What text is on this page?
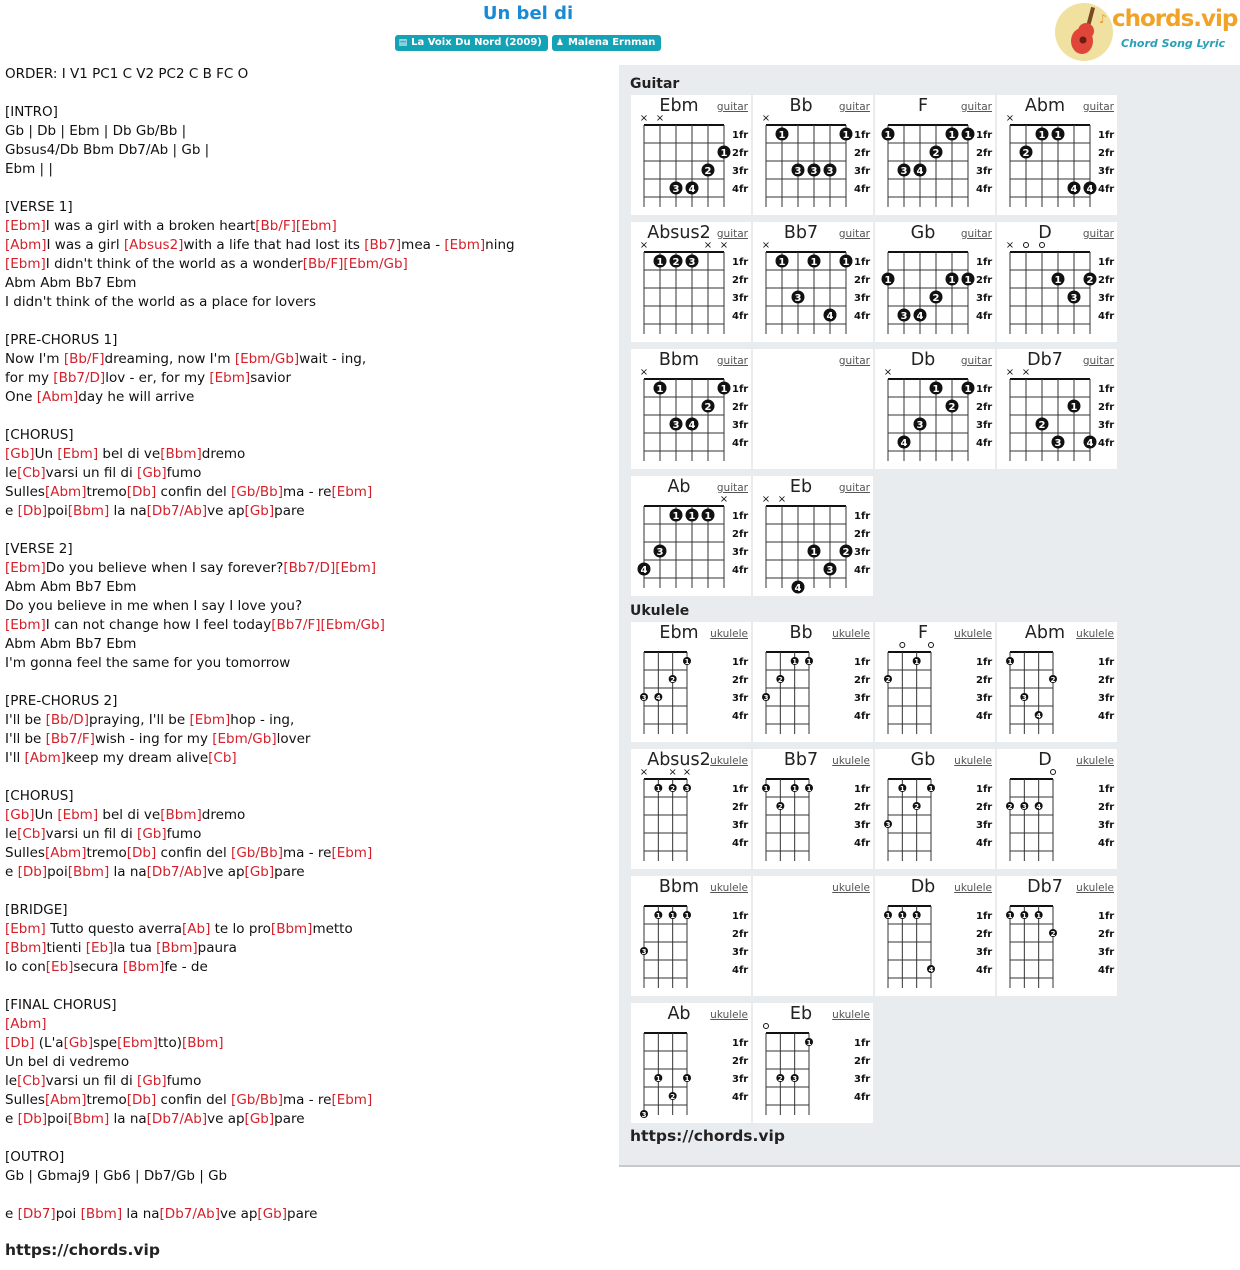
Un bel di
▤ La Voix Du Nord (2009) ♟ Malena Ernman
♪ chords.vip
Chord Song Lyric
ORDER: I V1 PC1 C V2 PC2 C B FC O

[INTRO]
Gb | Db | Ebm | Db Gb/Bb |
Gbsus4/Db Bbm Db7/Ab | Gb |
Ebm | |

[VERSE 1]
[Ebm]I was a girl with a broken heart[Bb/F][Ebm]
[Abm]I was a girl [Absus2]with a life that had lost its [Bb7]mea - [Ebm]ning
[Ebm]I didn't think of the world as a wonder[Bb/F][Ebm/Gb]
Abm Abm Bb7 Ebm
I didn't think of the world as a place for lovers

[PRE-CHORUS 1]
Now I'm [Bb/F]dreaming, now I'm [Ebm/Gb]wait - ing,
for my [Bb7/D]lov - er, for my [Ebm]savior
One [Abm]day he will arrive

[CHORUS]
[Gb]Un [Ebm] bel di ve[Bbm]dremo
le[Cb]varsi un fil di [Gb]fumo
Sulles[Abm]tremo[Db] confin del [Gb/Bb]ma - re[Ebm]
e [Db]poi[Bbm] la na[Db7/Ab]ve ap[Gb]pare

[VERSE 2]
[Ebm]Do you believe when I say forever?[Bb7/D][Ebm]
Abm Abm Bb7 Ebm
Do you believe in me when I say I love you?
[Ebm]I can not change how I feel today[Bb7/F][Ebm/Gb]
Abm Abm Bb7 Ebm
I'm gonna feel the same for you tomorrow

[PRE-CHORUS 2]
I'll be [Bb/D]praying, I'll be [Ebm]hop - ing,
I'll be [Bb7/F]wish - ing for my [Ebm/Gb]lover
I'll [Abm]keep my dream alive[Cb]

[CHORUS]
[Gb]Un [Ebm] bel di ve[Bbm]dremo
le[Cb]varsi un fil di [Gb]fumo
Sulles[Abm]tremo[Db] confin del [Gb/Bb]ma - re[Ebm]
e [Db]poi[Bbm] la na[Db7/Ab]ve ap[Gb]pare

[BRIDGE]
[Ebm] Tutto questo averra[Ab] te lo pro[Bbm]metto
[Bbm]tienti [Eb]la tua [Bbm]paura
Io con[Eb]secura [Bbm]fe - de

[FINAL CHORUS]
[Abm]
[Db] (L'a[Gb]spe[Ebm]tto)[Bbm]
Un bel di vedremo
le[Cb]varsi un fil di [Gb]fumo
Sulles[Abm]tremo[Db] confin del [Gb/Bb]ma - re[Ebm]
e [Db]poi[Bbm] la na[Db7/Ab]ve ap[Gb]pare

[OUTRO]
Gb | Gbmaj9 | Gb6 | Db7/Gb | Gb

e [Db7]poi [Bbm] la na[Db7/Ab]ve ap[Gb]pare
https://chords.vip
Guitar
Ebm	guitar
1fr
2fr
3fr
4fr
× ×
1
2
3 4
Bb	guitar
1fr
2fr
3fr
4fr
×
1	1
3 3 3
F	guitar
1fr
2fr
3fr
4fr
1	1 1
2
3 4
Abm	guitar
1fr
2fr
3fr
4fr
×
1 1
2
4 4
Absus2 guitar
1fr
2fr
3fr
4fr
×	× ×
1 2 3
Bb7	guitar
1fr
2fr
3fr
4fr
×
1	1	1
3
4
Gb	guitar
1fr
2fr
3fr
4fr
1	1 1
2
3 4
D	guitar
1fr
2fr
3fr
4fr
×
1	2
3
Bbm	guitar
1fr
2fr
3fr
4fr
×
1	1
2
3 4
guitar	Db	guitar
1fr
2fr
3fr
4fr
×
1	1
2
3
4
Db7	guitar
1fr
2fr
3fr
4fr
× ×
1
2
3	4
Ab	guitar
1fr
2fr
3fr
4fr
×
1 1 1
3
4
Eb	guitar
1fr
2fr
3fr
4fr
× ×
1	2
3
4
Ukulele
Ebm	ukulele
1fr
2fr
3fr
4fr
1
2
3 4
Bb	ukulele
1fr
2fr
3fr
4fr
1 1
2
3
F	ukulele
1fr
2fr
3fr
4fr
1
2
Abm	ukulele
1fr
2fr
3fr
4fr
1
2
3
4
Absus2 ukulele
1fr
2fr
3fr
4fr
× × ×
1 2 3
Bb7	ukulele
1fr
2fr
3fr
4fr
1	1 1
2
Gb	ukulele
1fr
2fr
3fr
4fr
1	1
2
3
D	ukulele
1fr
2fr
3fr
4fr
2 3 4
Bbm	ukulele
1fr
2fr
3fr
4fr
1 1 1
3
ukulele	Db	ukulele
1fr
2fr
3fr
4fr
1 1 1
4
Db7	ukulele
1fr
2fr
3fr
4fr
1 1 1
2
Ab	ukulele
1fr
2fr
3fr
4fr
1	1
2
3
Eb	ukulele
1fr
2fr
3fr
4fr
1
2 3
https://chords.vip
